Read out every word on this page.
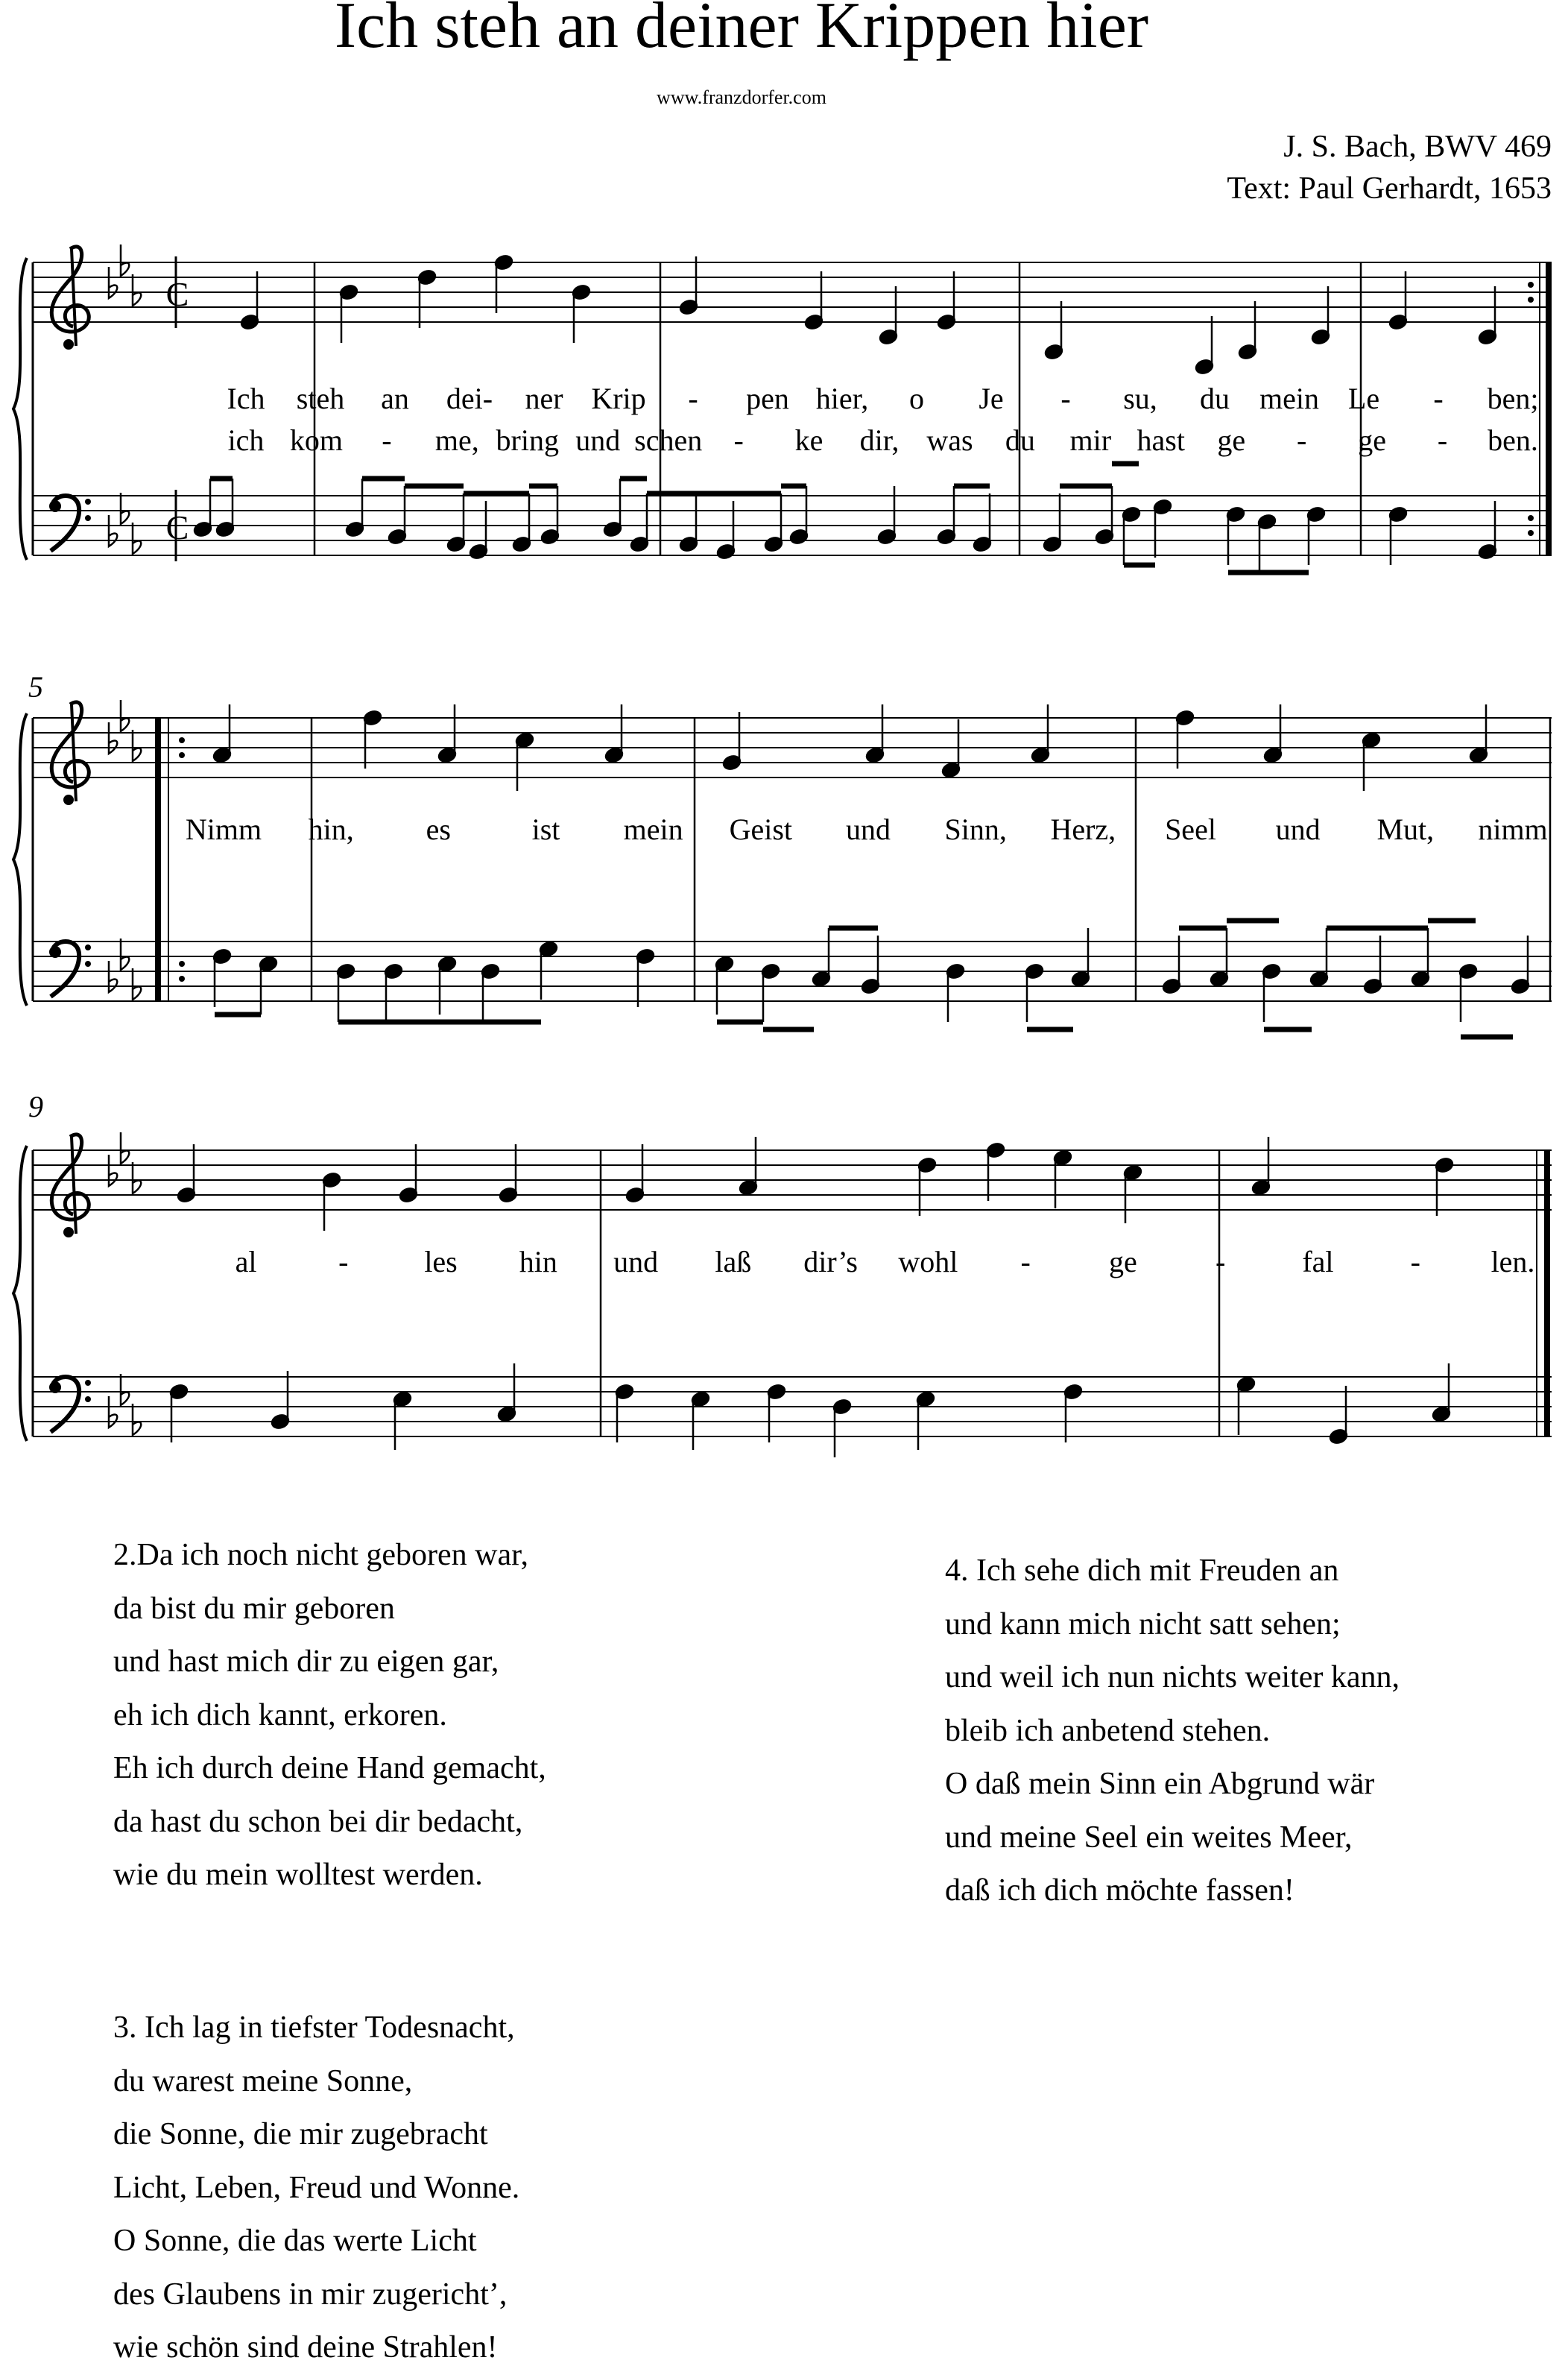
Ich steh an deiner Krippen hier
www.franzdorfer.com
J. S. Bach, BWV 469
Text: Paul Gerhardt, 1653
C
C
Ich steh an dei- ner Krip - pen hier, o Je - su, du mein Le - ben;
ich kom - me, bring und schen - ke dir, was du mir hast ge - ge - ben.
5
Nimm hin, es	ist mein Geist und Sinn, Herz, Seel und Mut, nimm
9
al	-	les hin und laß dir’s wohl -	ge	-	fal	- len.
2.Da ich noch nicht geboren war,
da bist du mir geboren
und hast mich dir zu eigen gar,
eh ich dich kannt, erkoren.
Eh ich durch deine Hand gemacht,
da hast du schon bei dir bedacht,
wie du mein wolltest werden.
4. Ich sehe dich mit Freuden an
und kann mich nicht satt sehen;
und weil ich nun nichts weiter kann,
bleib ich anbetend stehen.
O daß mein Sinn ein Abgrund wär
und meine Seel ein weites Meer,
daß ich dich möchte fassen!
3. Ich lag in tiefster Todesnacht,
du warest meine Sonne,
die Sonne, die mir zugebracht
Licht, Leben, Freud und Wonne.
O Sonne, die das werte Licht
des Glaubens in mir zugericht’,
wie schön sind deine Strahlen!
